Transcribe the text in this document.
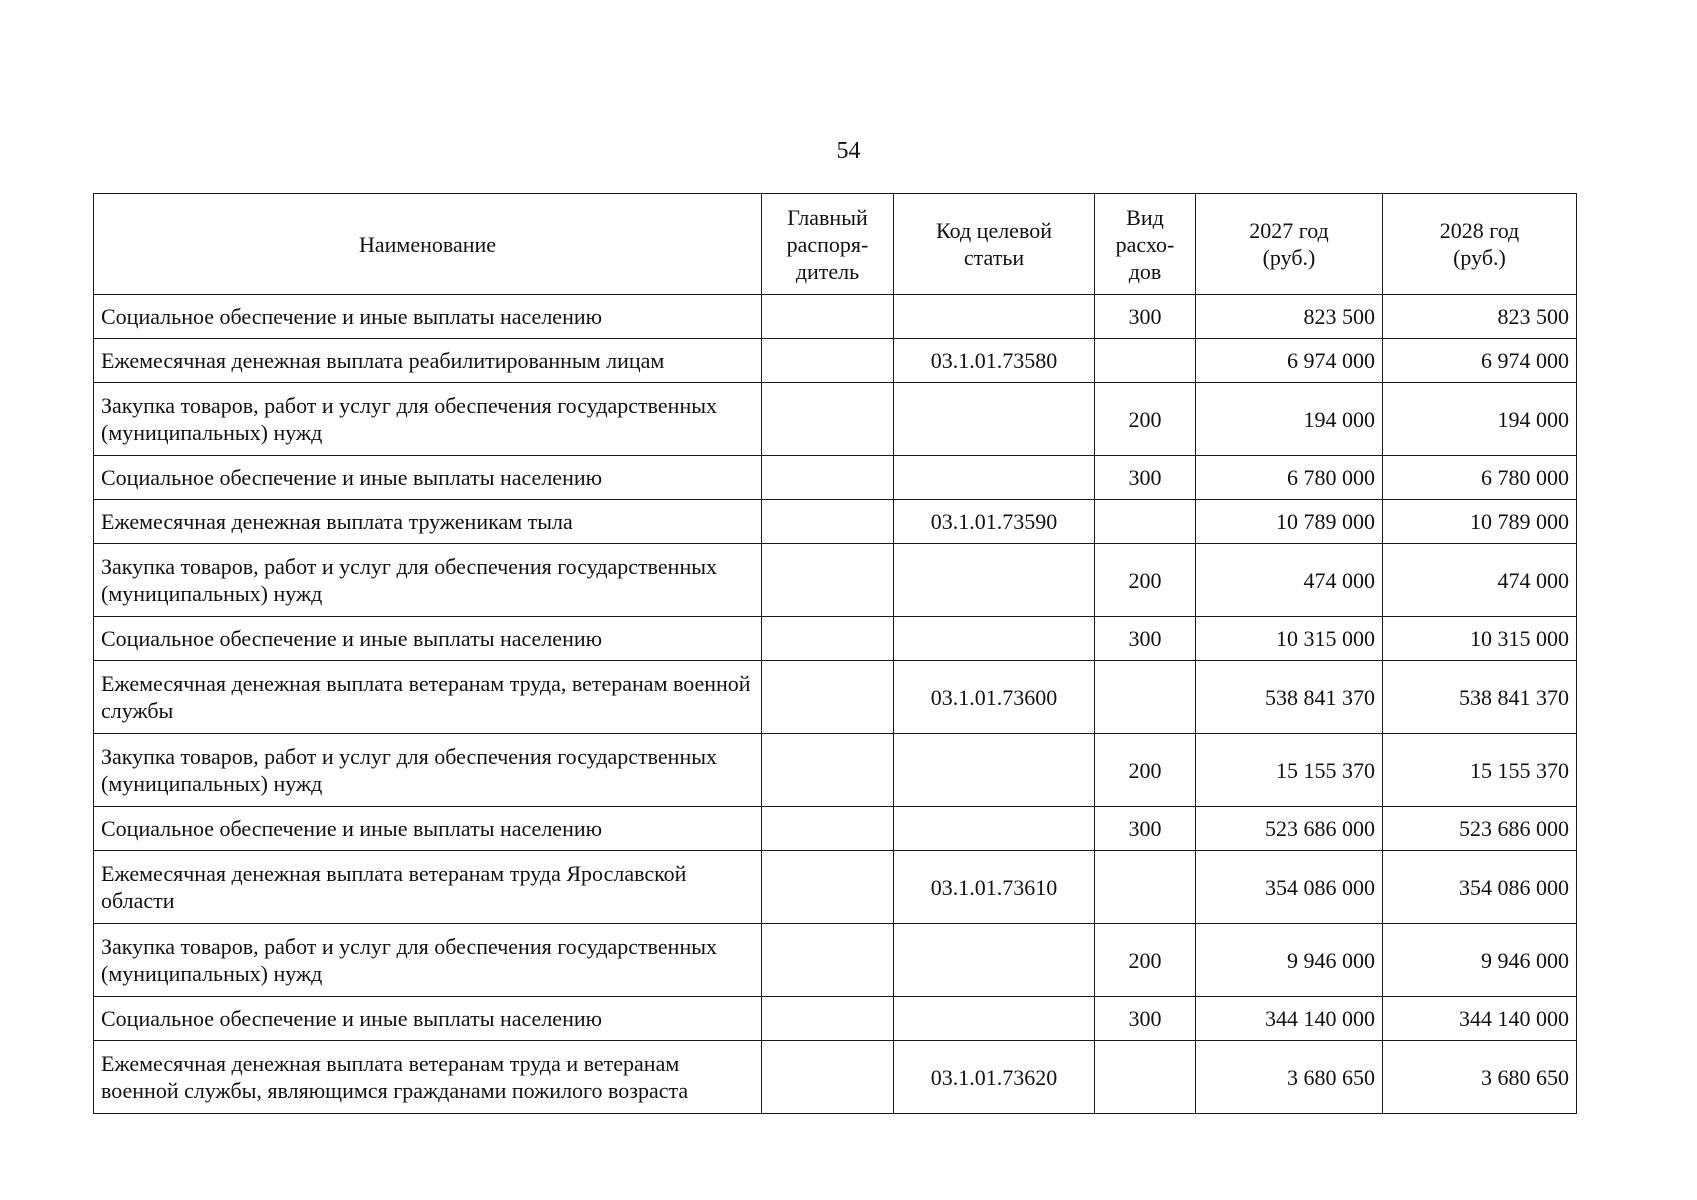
54
Наименование	Главный распоря-дитель	Код целевой статьи	Вид расхо-дов	2027 год (руб.)	2028 год (руб.)
Социальное обеспечение и иные выплаты населению			300	823 500	823 500
Ежемесячная денежная выплата реабилитированным лицам		03.1.01.73580		6 974 000	6 974 000
Закупка товаров, работ и услуг для обеспечения государственных (муниципальных) нужд			200	194 000	194 000
Социальное обеспечение и иные выплаты населению			300	6 780 000	6 780 000
Ежемесячная денежная выплата труженикам тыла		03.1.01.73590		10 789 000	10 789 000
Закупка товаров, работ и услуг для обеспечения государственных (муниципальных) нужд			200	474 000	474 000
Социальное обеспечение и иные выплаты населению			300	10 315 000	10 315 000
Ежемесячная денежная выплата ветеранам труда, ветеранам военной службы		03.1.01.73600		538 841 370	538 841 370
Закупка товаров, работ и услуг для обеспечения государственных (муниципальных) нужд			200	15 155 370	15 155 370
Социальное обеспечение и иные выплаты населению			300	523 686 000	523 686 000
Ежемесячная денежная выплата ветеранам труда Ярославской области		03.1.01.73610		354 086 000	354 086 000
Закупка товаров, работ и услуг для обеспечения государственных (муниципальных) нужд			200	9 946 000	9 946 000
Социальное обеспечение и иные выплаты населению			300	344 140 000	344 140 000
Ежемесячная денежная выплата ветеранам труда и ветеранам военной службы, являющимся гражданами пожилого возраста		03.1.01.73620		3 680 650	3 680 650
